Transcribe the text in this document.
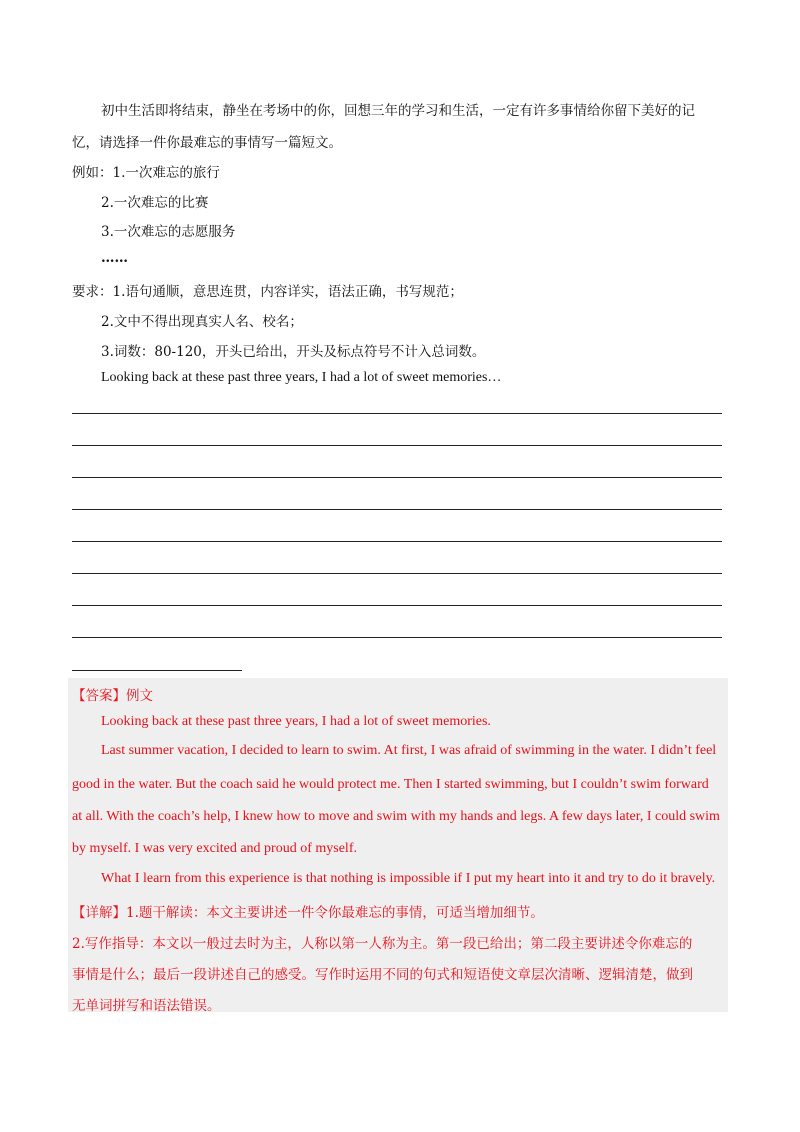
初中生活即将结束，静坐在考场中的你，回想三年的学习和生活，一定有许多事情给你留下美好的记
忆，请选择一件你最难忘的事情写一篇短文。
例如：1.一次难忘的旅行
2.一次难忘的比赛
3.一次难忘的志愿服务
……
要求：1.语句通顺，意思连贯，内容详实，语法正确，书写规范；
2.文中不得出现真实人名、校名；
3.词数：80-120，开头已给出，开头及标点符号不计入总词数。
Looking back at these past three years, I had a lot of sweet memories…
【答案】例文
Looking back at these past three years, I had a lot of sweet memories.
Last summer vacation, I decided to learn to swim. At first, I was afraid of swimming in the water. I didn’t feel
good in the water. But the coach said he would protect me. Then I started swimming, but I couldn’t swim forward
at all. With the coach’s help, I knew how to move and swim with my hands and legs. A few days later, I could swim
by myself. I was very excited and proud of myself.
What I learn from this experience is that nothing is impossible if I put my heart into it and try to do it bravely.
【详解】1.题干解读：本文主要讲述一件令你最难忘的事情，可适当增加细节。
2.写作指导：本文以一般过去时为主，人称以第一人称为主。第一段已给出；第二段主要讲述令你难忘的
事情是什么；最后一段讲述自己的感受。写作时运用不同的句式和短语使文章层次清晰、逻辑清楚，做到
无单词拼写和语法错误。
